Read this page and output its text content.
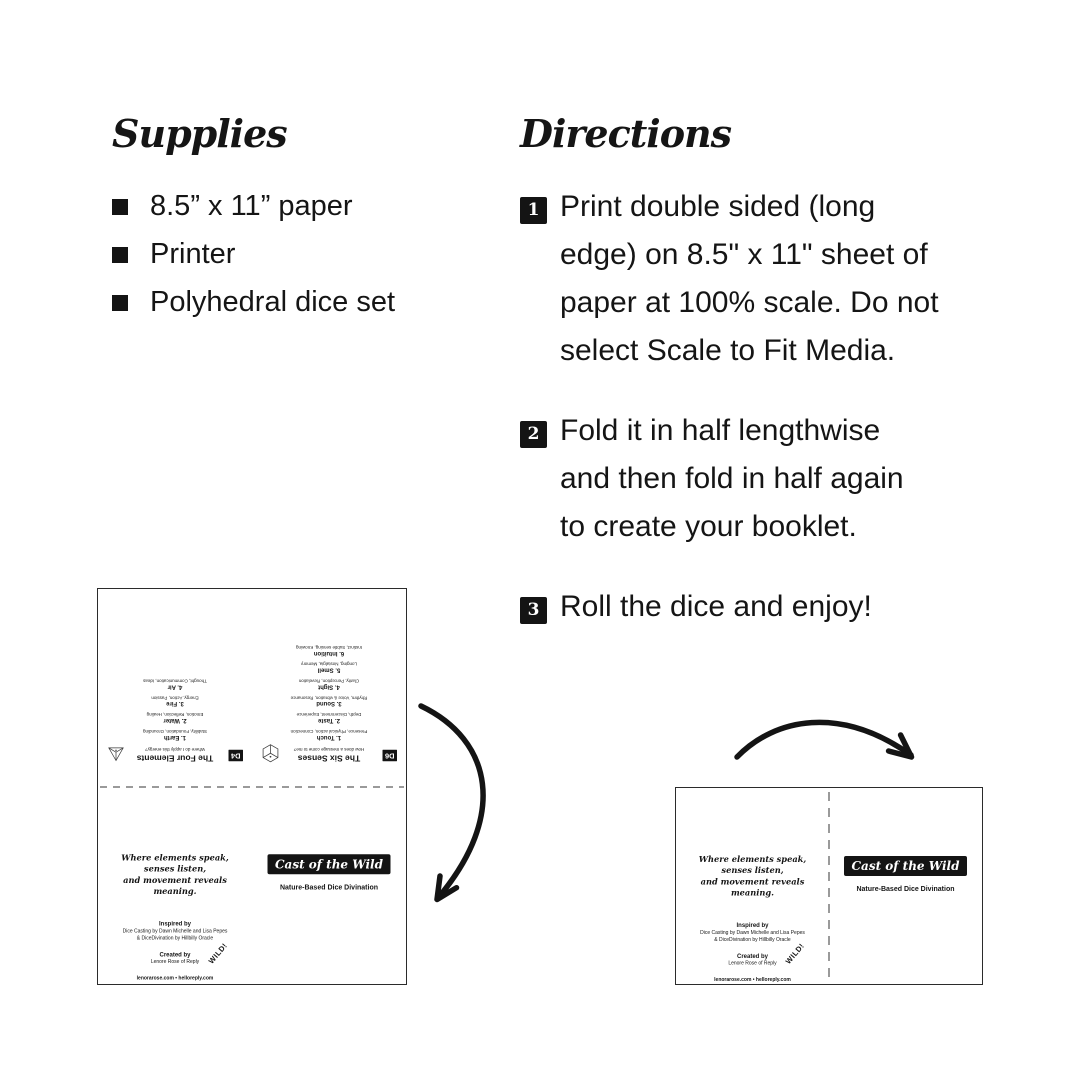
Supplies
8.5” x 11” paper
Printer
Polyhedral dice set
Directions
1 Print double sided (long
edge) on 8.5" x 11" sheet of
paper at 100% scale. Do not
select Scale to Fit Media.
2 Fold it in half lengthwise
and then fold in half again
to create your booklet.
3 Roll the dice and enjoy!
D6
The Six Senses
How does a message come to me?
1. Touch
Presence, Physical action, Connection
2. Taste
Depth, Discernment, Experience
3. Sound
Rhythm, Voice & vibration, Resonance
4. Sight
Clarity, Perception, Revelation
5. Smell
Longing, Nostalgia, Memory
6. Intuition
Instinct, Subtle sensing, Knowing
D4
The Four Elements
Where do I apply this energy?
1. Earth
Stability, Foundation, Grounding
2. Water
Emotion, Reflection, Healing
3. Fire
Energy, Action, Passion
4. Air
Thought, Communication, Ideas
Where elements speak, senses listen,
and movement reveals meaning.
Inspired by
Dice Casting by Dawn Michelle and Lisa Pepes
& DiceDivination by Hillbilly Oracle
Created by
Lenore Rose of Reply
lenorarose.com • helloreply.com
WILD!
Cast of the Wild
Nature-Based Dice Divination
Where elements speak, senses listen,
and movement reveals meaning.
Inspired by
Dice Casting by Dawn Michelle and Lisa Pepes
& DiceDivination by Hillbilly Oracle
Created by
Lenore Rose of Reply
lenorarose.com • helloreply.com
WILD!
Cast of the Wild
Nature-Based Dice Divination
